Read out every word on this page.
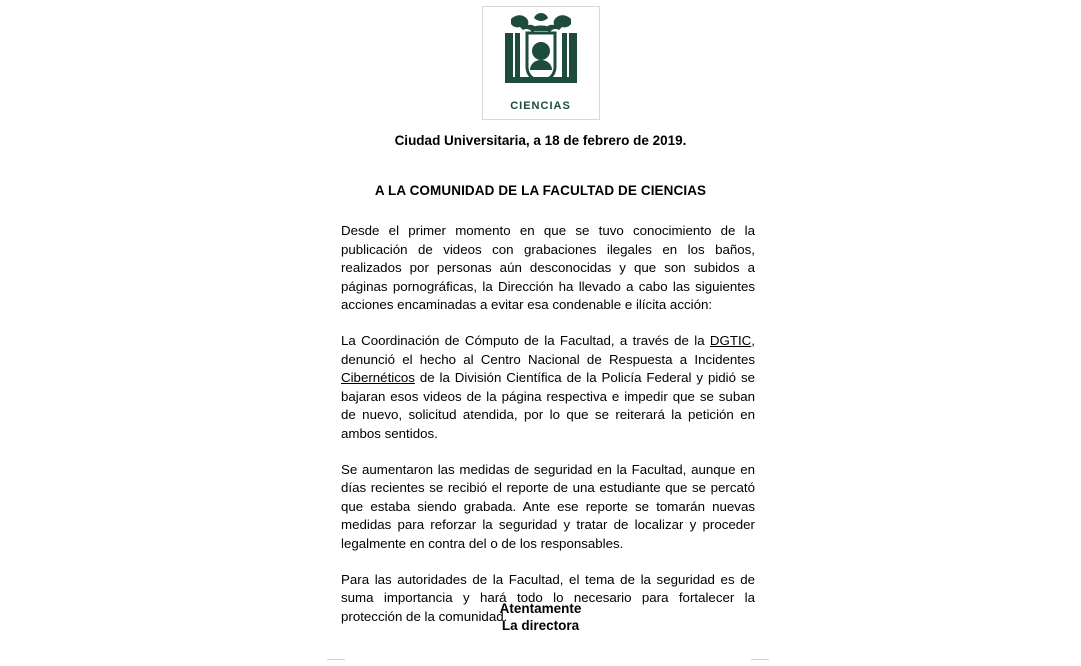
CIENCIAS
Ciudad Universitaria, a 18 de febrero de 2019.
A LA COMUNIDAD DE LA FACULTAD DE CIENCIAS

Desde el primer momento en que se tuvo conocimiento de la publicación de videos con grabaciones ilegales en los baños, realizados por personas aún desconocidas y que son subidos a páginas pornográficas, la Dirección ha llevado a cabo las siguientes acciones encaminadas a evitar esa condenable e ilícita acción:

La Coordinación de Cómputo de la Facultad, a través de la DGTIC, denunció el hecho al Centro Nacional de Respuesta a Incidentes Cibernéticos de la División Científica de la Policía Federal y pidió se bajaran esos videos de la página respectiva e impedir que se suban de nuevo, solicitud atendida, por lo que se reiterará la petición en ambos sentidos.

Se aumentaron las medidas de seguridad en la Facultad, aunque en días recientes se recibió el reporte de una estudiante que se percató que estaba siendo grabada. Ante ese reporte se tomarán nuevas medidas para reforzar la seguridad y tratar de localizar y proceder legalmente en contra del o de los responsables.

Para las autoridades de la Facultad, el tema de la seguridad es de suma importancia y hará todo lo necesario para fortalecer la protección de la comunidad.

Atentamente
La directora
